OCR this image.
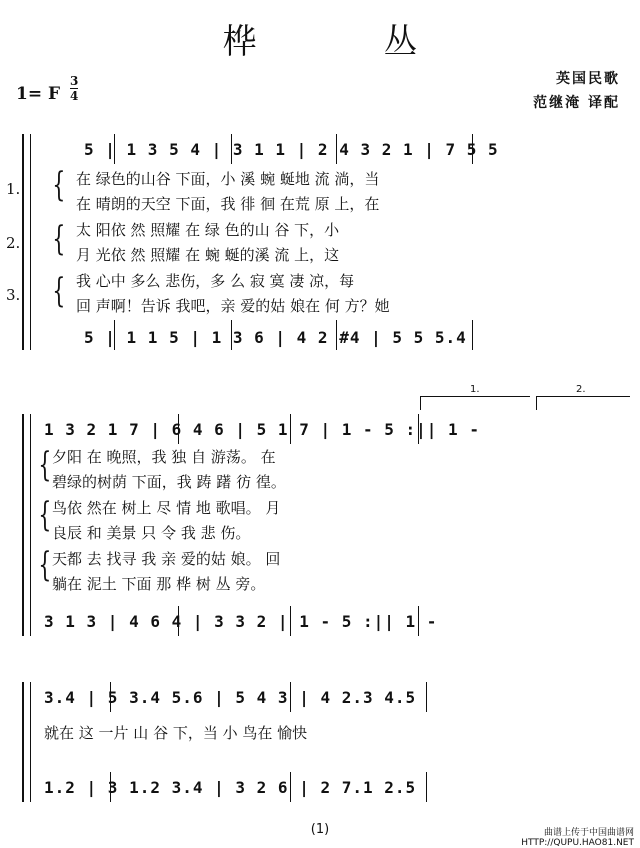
桦 丛
1= F
3
4
英国民歌
范继淹 译配
5 | 1 3 5 4 | 3 1 1 | 2 4 3 2 1 | 7 5 5
1.
2.
3.
{
{
{
在 绿色的山谷 下面，小 溪 蜿 蜒地 流 淌，当
在 晴朗的天空 下面，我 徘 徊 在荒 原 上，在
太 阳依 然 照耀 在 绿 色的山 谷 下，小
月 光依 然 照耀 在 蜿 蜒的溪 流 上，这
我 心中 多么 悲伤，多 么 寂 寞 凄 凉，每
回 声啊！告诉 我吧，亲 爱的姑 娘在 何 方？她
5 | 1 1 5 | 1 3 6 | 4 2 #4 | 5 5 5.4
1.	2.
1 3 2 1 7 | 6 4 6 | 5 1 7 | 1 - 5 :|| 1 -
{
{
{
夕阳 在 晚照，我 独 自 游荡。 在
碧绿的树荫 下面，我 踌 躇 彷 徨。
鸟依 然在 树上 尽 情 地 歌唱。 月
良辰 和 美景 只 令 我 悲 伤。
天都 去 找寻 我 亲 爱的姑 娘。 回
躺在 泥土 下面 那 桦 树 丛 旁。
3 1 3 | 4 6 4 | 3 3 2 | 1 - 5 :|| 1 -
3.4 | 5 3.4 5.6 | 5 4 3 | 4 2.3 4.5
就在 这 一片 山 谷 下，当 小 鸟在 愉快
1.2 | 3 1.2 3.4 | 3 2 6 | 2 7.1 2.5
(1)	曲谱上传于中国曲谱网
HTTP://QUPU.HAO81.NET
